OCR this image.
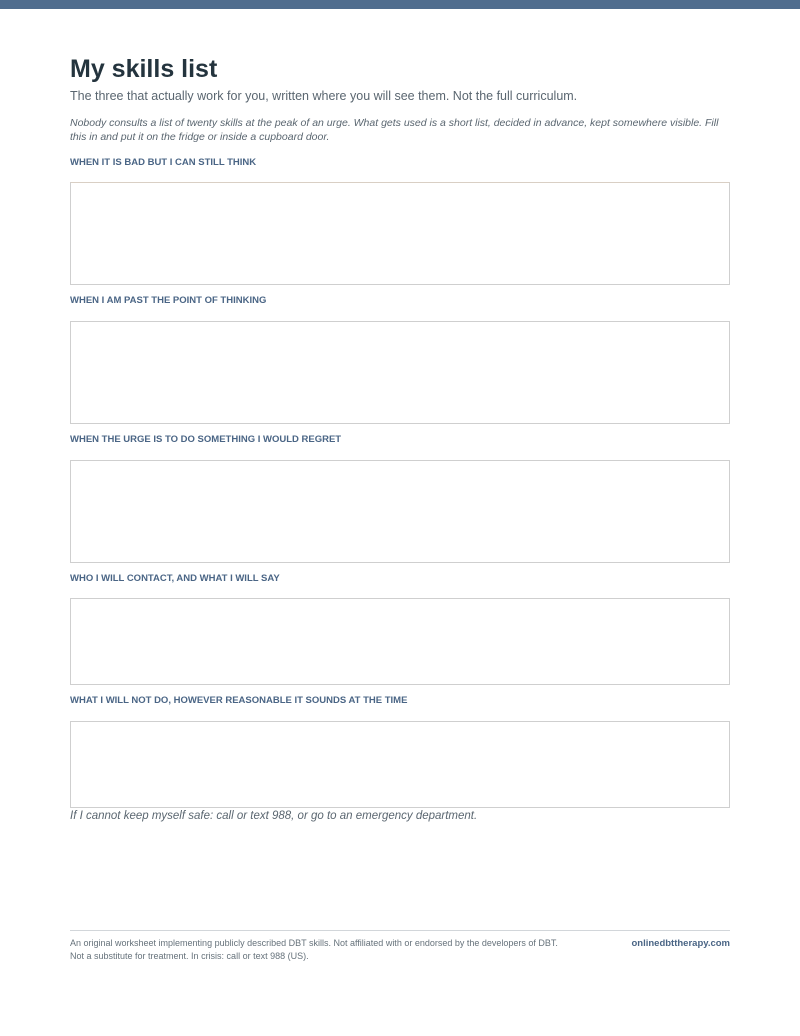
My skills list

The three that actually work for you, written where you will see them. Not the full curriculum.

Nobody consults a list of twenty skills at the peak of an urge. What gets used is a short list, decided in advance, kept somewhere visible. Fill this in and put it on the fridge or inside a cupboard door.

WHEN IT IS BAD BUT I CAN STILL THINK
WHEN I AM PAST THE POINT OF THINKING
WHEN THE URGE IS TO DO SOMETHING I WOULD REGRET
WHO I WILL CONTACT, AND WHAT I WILL SAY
WHAT I WILL NOT DO, HOWEVER REASONABLE IT SOUNDS AT THE TIME

If I cannot keep myself safe: call or text 988, or go to an emergency department.

An original worksheet implementing publicly described DBT skills. Not affiliated with or endorsed by the developers of DBT.
Not a substitute for treatment. In crisis: call or text 988 (US).

onlinedbttherapy.com
